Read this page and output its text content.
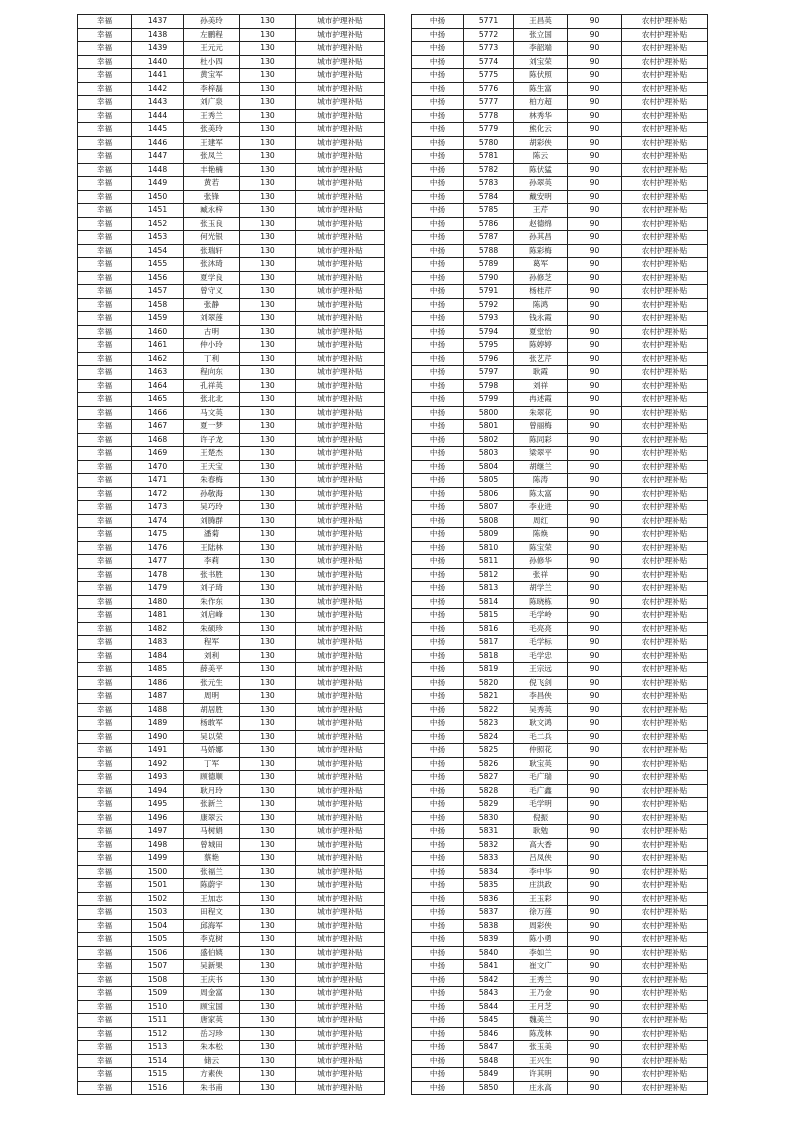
幸福	1437	孙美玲	130	城市护理补贴
幸福	1438	左鹏程	130	城市护理补贴
幸福	1439	王元元	130	城市护理补贴
幸福	1440	杜小四	130	城市护理补贴
幸福	1441	黄宝军	130	城市护理补贴
幸福	1442	李梓磊	130	城市护理补贴
幸福	1443	刘广泉	130	城市护理补贴
幸福	1444	王秀兰	130	城市护理补贴
幸福	1445	张美玲	130	城市护理补贴
幸福	1446	王建军	130	城市护理补贴
幸福	1447	张凤兰	130	城市护理补贴
幸福	1448	丰艳楠	130	城市护理补贴
幸福	1449	黄若	130	城市护理补贴
幸福	1450	张锋	130	城市护理补贴
幸福	1451	臧永梓	130	城市护理补贴
幸福	1452	张玉良	130	城市护理补贴
幸福	1453	何光银	130	城市护理补贴
幸福	1454	张瑞轩	130	城市护理补贴
幸福	1455	张沐琦	130	城市护理补贴
幸福	1456	夏学良	130	城市护理补贴
幸福	1457	曾守义	130	城市护理补贴
幸福	1458	张静	130	城市护理补贴
幸福	1459	刘翠莲	130	城市护理补贴
幸福	1460	古明	130	城市护理补贴
幸福	1461	仲小玲	130	城市护理补贴
幸福	1462	丁利	130	城市护理补贴
幸福	1463	程向东	130	城市护理补贴
幸福	1464	孔祥英	130	城市护理补贴
幸福	1465	张北北	130	城市护理补贴
幸福	1466	马文英	130	城市护理补贴
幸福	1467	夏一梦	130	城市护理补贴
幸福	1468	许子龙	130	城市护理补贴
幸福	1469	王楚杰	130	城市护理补贴
幸福	1470	王天宝	130	城市护理补贴
幸福	1471	朱春梅	130	城市护理补贴
幸福	1472	孙敬海	130	城市护理补贴
幸福	1473	吴巧玲	130	城市护理补贴
幸福	1474	刘腾群	130	城市护理补贴
幸福	1475	潘菊	130	城市护理补贴
幸福	1476	王陆林	130	城市护理补贴
幸福	1477	李莉	130	城市护理补贴
幸福	1478	张书胜	130	城市护理补贴
幸福	1479	刘子琦	130	城市护理补贴
幸福	1480	朱作东	130	城市护理补贴
幸福	1481	刘启峰	130	城市护理补贴
幸福	1482	朱硕珍	130	城市护理补贴
幸福	1483	程军	130	城市护理补贴
幸福	1484	刘利	130	城市护理补贴
幸福	1485	薛美平	130	城市护理补贴
幸福	1486	张元生	130	城市护理补贴
幸福	1487	周明	130	城市护理补贴
幸福	1488	胡居胜	130	城市护理补贴
幸福	1489	杨敢军	130	城市护理补贴
幸福	1490	吴以荣	130	城市护理补贴
幸福	1491	马娇娜	130	城市护理补贴
幸福	1492	丁军	130	城市护理补贴
幸福	1493	顾德顺	130	城市护理补贴
幸福	1494	耿月玲	130	城市护理补贴
幸福	1495	张新兰	130	城市护理补贴
幸福	1496	康翠云	130	城市护理补贴
幸福	1497	马树娟	130	城市护理补贴
幸福	1498	曾城田	130	城市护理补贴
幸福	1499	蔡艳	130	城市护理补贴
幸福	1500	张福兰	130	城市护理补贴
幸福	1501	陈蔚宇	130	城市护理补贴
幸福	1502	王加志	130	城市护理补贴
幸福	1503	田程文	130	城市护理补贴
幸福	1504	邱海军	130	城市护理补贴
幸福	1505	李克树	130	城市护理补贴
幸福	1506	盛伯姨	130	城市护理补贴
幸福	1507	吴新果	130	城市护理补贴
幸福	1508	王庆书	130	城市护理补贴
幸福	1509	周金富	130	城市护理补贴
幸福	1510	顾宝国	130	城市护理补贴
幸福	1511	唐家英	130	城市护理补贴
幸福	1512	岳习珍	130	城市护理补贴
幸福	1513	朱本松	130	城市护理补贴
幸福	1514	储云	130	城市护理补贴
幸福	1515	方素侠	130	城市护理补贴
幸福	1516	朱书甫	130	城市护理补贴
中扬	5771	王昌英	90	农村护理补贴
中扬	5772	张立国	90	农村护理补贴
中扬	5773	李韶端	90	农村护理补贴
中扬	5774	刘宝荣	90	农村护理补贴
中扬	5775	陈伏照	90	农村护理补贴
中扬	5776	陈生富	90	农村护理补贴
中扬	5777	柏方超	90	农村护理补贴
中扬	5778	林秀华	90	农村护理补贴
中扬	5779	熊化云	90	农村护理补贴
中扬	5780	胡彩侠	90	农村护理补贴
中扬	5781	陈云	90	农村护理补贴
中扬	5782	陈伏猛	90	农村护理补贴
中扬	5783	孙翠英	90	农村护理补贴
中扬	5784	戴安明	90	农村护理补贴
中扬	5785	王芹	90	农村护理补贴
中扬	5786	赵德绵	90	农村护理补贴
中扬	5787	孙其昌	90	农村护理补贴
中扬	5788	陈彩梅	90	农村护理补贴
中扬	5789	葛军	90	农村护理补贴
中扬	5790	孙修芝	90	农村护理补贴
中扬	5791	杨桂芹	90	农村护理补贴
中扬	5792	陈鸿	90	农村护理补贴
中扬	5793	钱永霞	90	农村护理补贴
中扬	5794	夏堂怡	90	农村护理补贴
中扬	5795	陈婷婷	90	农村护理补贴
中扬	5796	张艺芹	90	农村护理补贴
中扬	5797	耿霞	90	农村护理补贴
中扬	5798	刘祥	90	农村护理补贴
中扬	5799	冉述霞	90	农村护理补贴
中扬	5800	朱翠花	90	农村护理补贴
中扬	5801	曾丽梅	90	农村护理补贴
中扬	5802	陈同彩	90	农村护理补贴
中扬	5803	梁翠平	90	农村护理补贴
中扬	5804	胡继兰	90	农村护理补贴
中扬	5805	陈涛	90	农村护理补贴
中扬	5806	陈太富	90	农村护理补贴
中扬	5807	李业进	90	农村护理补贴
中扬	5808	周红	90	农村护理补贴
中扬	5809	陈焕	90	农村护理补贴
中扬	5810	陈宝荣	90	农村护理补贴
中扬	5811	孙修华	90	农村护理补贴
中扬	5812	张祥	90	农村护理补贴
中扬	5813	胡学兰	90	农村护理补贴
中扬	5814	陈晓栋	90	农村护理补贴
中扬	5815	毛学岭	90	农村护理补贴
中扬	5816	毛亮亮	90	农村护理补贴
中扬	5817	毛学标	90	农村护理补贴
中扬	5818	毛学忠	90	农村护理补贴
中扬	5819	王宗远	90	农村护理补贴
中扬	5820	倪飞剑	90	农村护理补贴
中扬	5821	李昌侠	90	农村护理补贴
中扬	5822	吴秀英	90	农村护理补贴
中扬	5823	耿文鸿	90	农村护理补贴
中扬	5824	毛二兵	90	农村护理补贴
中扬	5825	仲照花	90	农村护理补贴
中扬	5826	耿宝英	90	农村护理补贴
中扬	5827	毛广瑞	90	农村护理补贴
中扬	5828	毛广鑫	90	农村护理补贴
中扬	5829	毛学明	90	农村护理补贴
中扬	5830	倪振	90	农村护理补贴
中扬	5831	耿勉	90	农村护理补贴
中扬	5832	高大香	90	农村护理补贴
中扬	5833	吕凤侠	90	农村护理补贴
中扬	5834	李中华	90	农村护理补贴
中扬	5835	庄洪政	90	农村护理补贴
中扬	5836	王玉彩	90	农村护理补贴
中扬	5837	徐万莲	90	农村护理补贴
中扬	5838	周彩侠	90	农村护理补贴
中扬	5839	陈小勇	90	农村护理补贴
中扬	5840	李如兰	90	农村护理补贴
中扬	5841	崔文广	90	农村护理补贴
中扬	5842	王秀兰	90	农村护理补贴
中扬	5843	王乃金	90	农村护理补贴
中扬	5844	王月芝	90	农村护理补贴
中扬	5845	魏美兰	90	农村护理补贴
中扬	5846	陈茂林	90	农村护理补贴
中扬	5847	张玉美	90	农村护理补贴
中扬	5848	王兴生	90	农村护理补贴
中扬	5849	许其明	90	农村护理补贴
中扬	5850	庄永高	90	农村护理补贴
